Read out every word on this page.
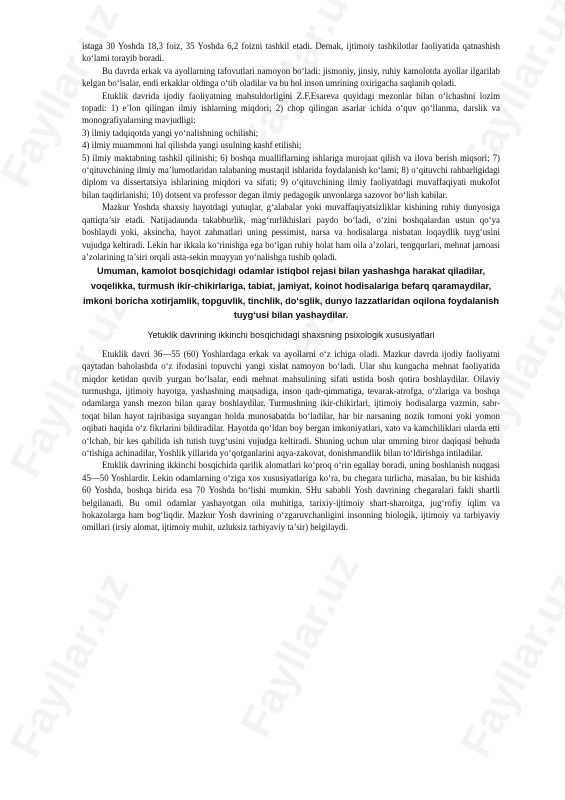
istaga 30 Yoshda 18,3 foiz, 35 Yoshda 6,2 foizni tashkil etadi. Demak, ijtimoiy tashkilotlar faoliyatida qatnashish ko‘lami torayib boradi.

Bu davrda erkak va ayollarning tafovutlari namoyon bo‘ladi: jismoniy, jinsiy, ruhiy kamolotda ayollar ilgarilab kelgan bo‘lsalar, endi erkaklar oldinga o‘tib oladilar va bu hol inson umrining oxirigacha saqlanib qoladi.

Etuklik davrida ijodiy faoliyatning mahsuldorligini Z.F.Esareva quyidagi mezonlar bilan o‘lchashni lozim topadi: 1) e’lon qilingan ilmiy ishlarning miqdori; 2) chop qilingan asarlar ichida o‘quv qo‘llanma, darslik va monografiyalarning mavjudligi;

3) ilmiy tadqiqotda yangi yo‘nalishning ochilishi;

4) ilmiy muammoni hal qilishda yangi usulning kashf etilishi;

5) ilmiy maktabning tashkil qilinishi; 6) boshqa mualliflarning ishlariga murojaat qilish va ilova berish miqsori; 7) o‘qituvchining ilmiy ma’lumotlaridan talabaning mustaqil ishlarida foydalanish ko‘lami; 8) o‘qituvchi rahbarligidagi diplom va dissertatsiya ishlarining miqdori va sifati; 9) o‘qituvchining ilmiy faoliyatdagi muvaffaqiyati mukofot bilan taqdirlanishi; 10) dotsent va professor degan ilmiy pedagogik unvonlarga sazovor bo‘lish kabilar.

Mazkur Yoshda shaxsiy hayotdagi yutuqlar, g‘alabalar yoki muvaffaqiyatsizliklar kishining ruhiy dunyosiga qattiqta’sir etadi. Natijadaunda takabburlik, mag‘rurlikhislari paydo bo‘ladi, o‘zini boshqalardan ustun qo‘ya boshlaydi yoki, aksincha, hayot zahmatlari uning pessimist, narsa va hodisalarga nisbatan loqaydlik tuyg‘usini vujudga keltiradi. Lekin har ikkala ko‘rinishga ega bo‘lgan ruhiy holat ham oila a’zolari, tengqurlari, mehnat jamoasi a’zolarining ta’siri orqali asta-sekin muayyan yo‘nalishga tushib qoladi.

Umuman, kamolot bosqichidagi odamlar istiqbol rejasi bilan yashashga harakat qiladilar, voqelikka, turmush ikir-chikirlariga, tabiat, jamiyat, koinot hodisalariga befarq qaramaydilar, imkoni boricha xotirjamlik, topguvlik, tinchlik, do‘sglik, dunyo lazzatlaridan oqilona foydalanish tuyg‘usi bilan yashaydilar.

Yetuklik davrining ikkinchi bosqichidagi shaxsning psixologik xususiyatlari

Etuklik davri 36—55 (60) Yoshlardaga erkak va ayollarni o‘z ichiga oladi. Mazkur davrda ijodiy faoliyatni qaytadan baholashda o‘z ifodasini topuvchi yangi xislat namoyon bo‘ladi. Ular shu kungacha mehnat faoliyatida miqdor ketidan quvib yurgan bo‘lsalar, endi mehnat mahsulining sifati ustida bosh qotira boshlaydilar. Oilaviy turmushga, ijtimoiy hayotga, yashashning maqsadiga, inson qadr-qimmatiga, tevarak-atrofga, o‘zlariga va boshqa odamlarga yansh mezon bilan qaray boshlaydilar. Turmushning ikir-chikirlari, ijtimoiy hodisalarga vazmin, sabr-toqat bilan hayot tajribasiga suyangan holda munosabatda bo‘ladilar, har bir narsaning nozik tomoni yoki yomon oqibati haqida o‘z fikrlarini bildiradilar. Hayotda qo‘ldan boy bergan imkoniyatlari, xato va kamchiliklari ularda etti o‘lchab, bir kes qabilida ish tutish tuyg‘usini vujudga keltiradi. Shuning uchun ular umrning biror daqiqasi behuda o‘tishiga achinadilar, Yoshlik yillarida yo‘qotganlarini aqya-zakovat, donishmandlik bilan to‘ldirishga intiladilar.

Etuklik davrining ikkinchi bosqichida qarilik alomatlari ko‘proq o‘rin egallay boradi, uning boshlanish nuqgasi 45—50 Yoshlardir. Lekin odamlarning o‘ziga xos xususiyatlariga ko‘ra, bu chegara turlicha, masalan, bu bir kishida 60 Yoshda, boshqa birida esa 70 Yoshda bo‘lishi mumkin. SHu sababli Yosh davrining chegaralari fakli shartli belgilanadi. Bu omil odamlar yashayotgan oila muhitiga, tarixiy-ijtimoiy shart-sharoitga, jug‘rofiy iqlim va hokazolarga ham bog‘liqdir. Mazkur Yosh davrining o‘zgaruvchanligini insonning biologik, ijtimoiy va tarbiyaviy omillari (irsiy alomat, ijtimoiy muhit, uzluksiz tarbiyaviy ta’sir) belgilaydi.
